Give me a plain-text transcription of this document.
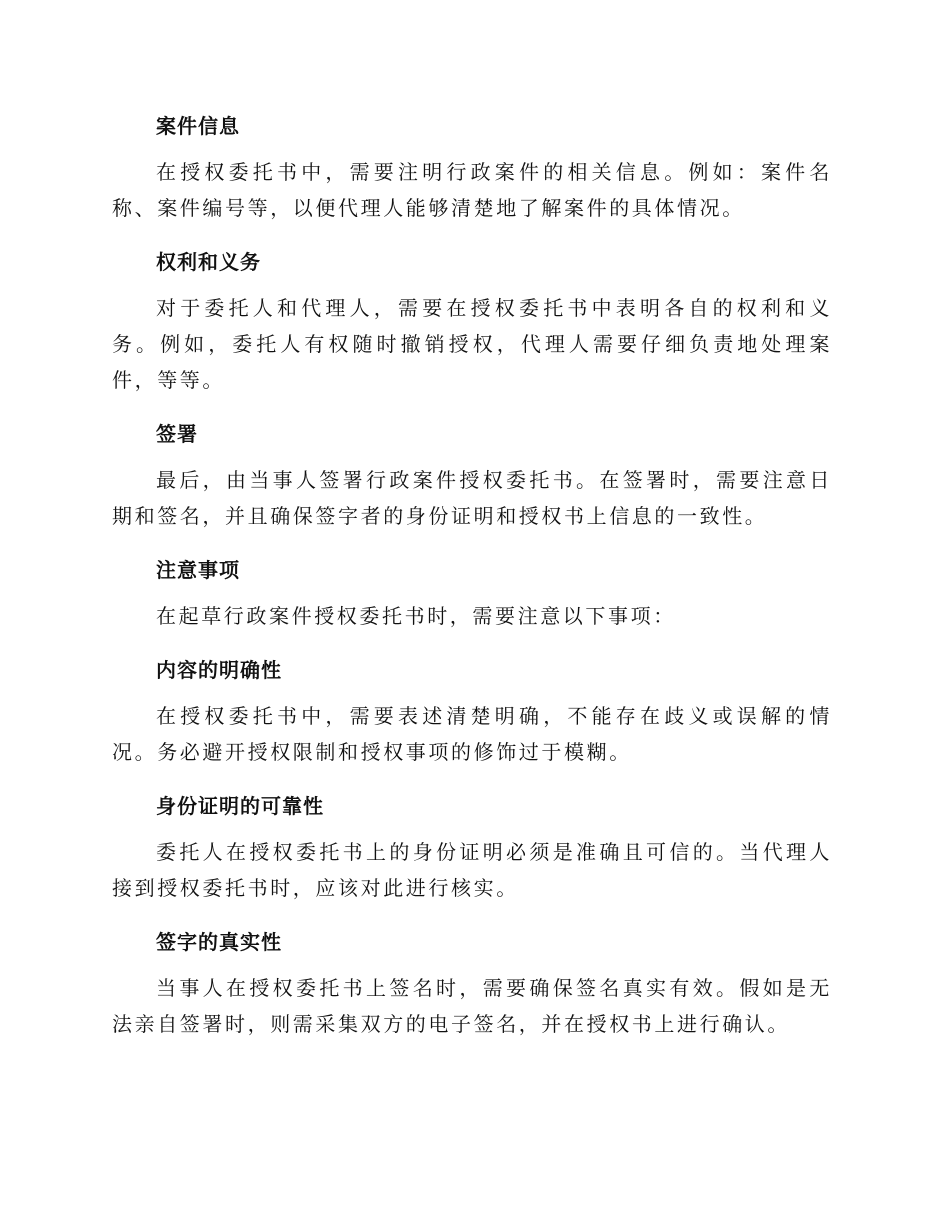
案件信息

在授权委托书中，需要注明行政案件的相关信息。例如：案件名称、案件编号等，以便代理人能够清楚地了解案件的具体情况。

权利和义务

对于委托人和代理人，需要在授权委托书中表明各自的权利和义务。例如，委托人有权随时撤销授权，代理人需要仔细负责地处理案件，等等。

签署

最后，由当事人签署行政案件授权委托书。在签署时，需要注意日期和签名，并且确保签字者的身份证明和授权书上信息的一致性。

注意事项

在起草行政案件授权委托书时，需要注意以下事项：

内容的明确性

在授权委托书中，需要表述清楚明确，不能存在歧义或误解的情况。务必避开授权限制和授权事项的修饰过于模糊。

身份证明的可靠性

委托人在授权委托书上的身份证明必须是准确且可信的。当代理人接到授权委托书时，应该对此进行核实。

签字的真实性

当事人在授权委托书上签名时，需要确保签名真实有效。假如是无法亲自签署时，则需采集双方的电子签名，并在授权书上进行确认。
